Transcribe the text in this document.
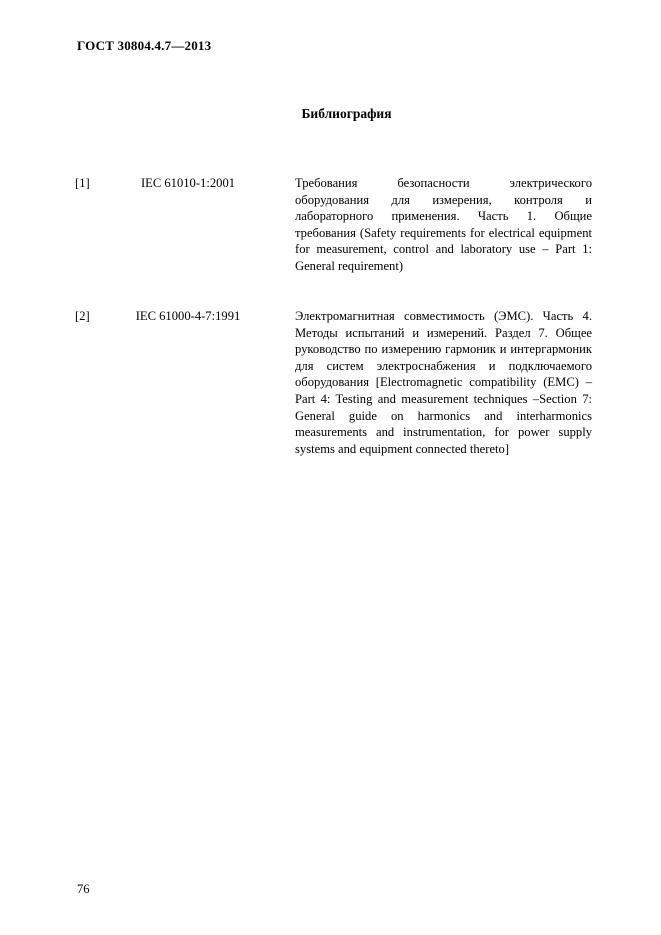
ГОСТ 30804.4.7—2013
Библиография
[1]	IEC 61010-1:2001	Требования безопасности электрического оборудования для измерения, контроля и лабораторного применения. Часть 1. Общие требования (Safety requirements for electrical equipment for measurement, control and laboratory use – Part 1: General requirement)
[2]	IEC 61000-4-7:1991	Электромагнитная совместимость (ЭМС). Часть 4. Методы испытаний и измерений. Раздел 7. Общее руководство по измерению гармоник и интергармоник для систем электроснабжения и подключаемого оборудования [Electromagnetic compatibility (EMC) – Part 4: Testing and measurement techniques –Section 7: General guide on harmonics and interharmonics measurements and instrumentation, for power supply systems and equipment connected thereto]
76
